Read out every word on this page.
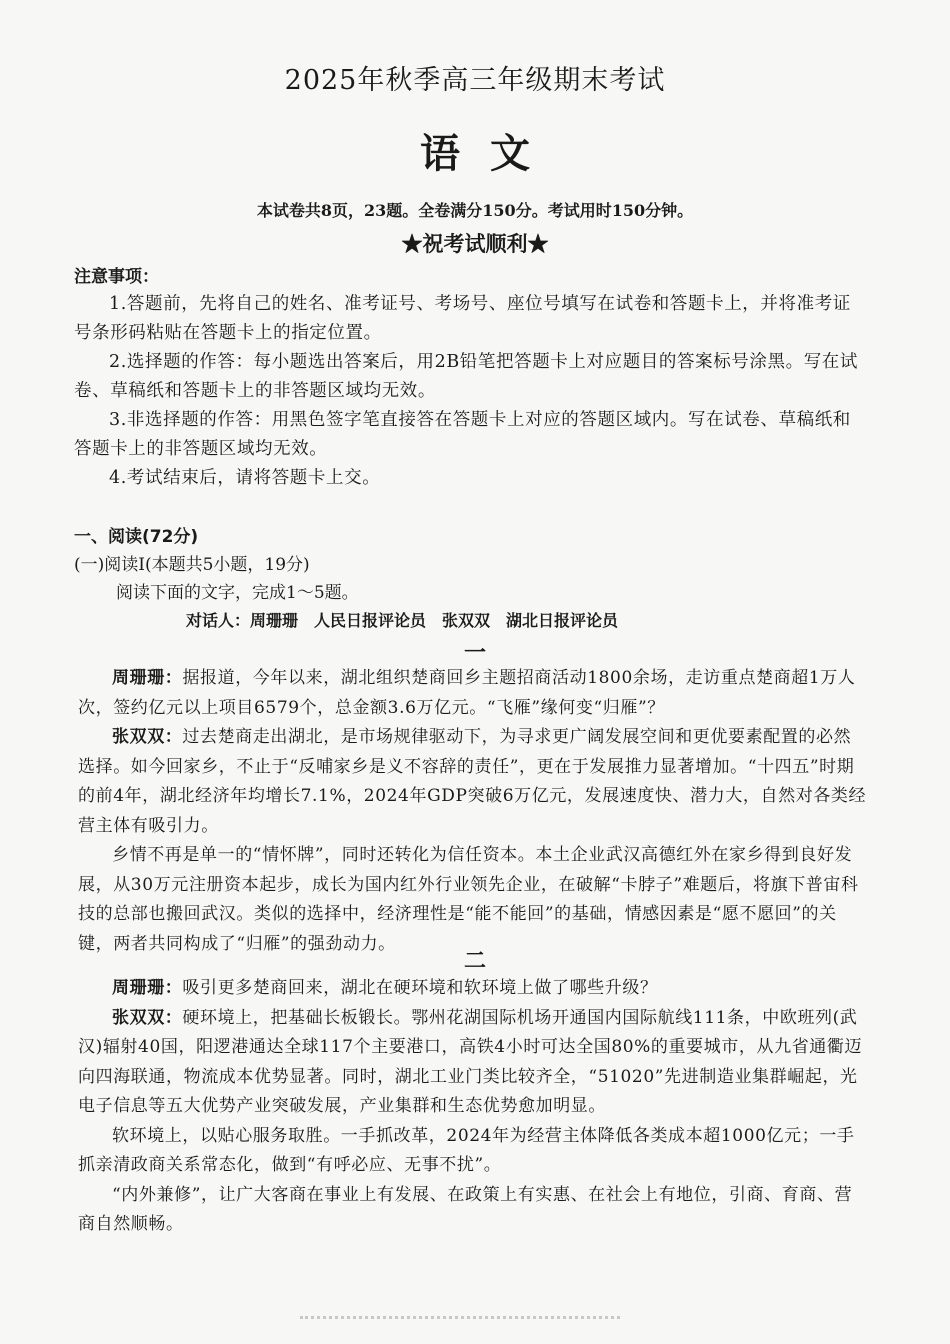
2025年秋季高三年级期末考试
语文
本试卷共8页，23题。全卷满分150分。考试用时150分钟。
★祝考试顺利★
注意事项：
1.答题前，先将自己的姓名、准考证号、考场号、座位号填写在试卷和答题卡上，并将准考证号条形码粘贴在答题卡上的指定位置。
2.选择题的作答：每小题选出答案后，用2B铅笔把答题卡上对应题目的答案标号涂黑。写在试卷、草稿纸和答题卡上的非答题区域均无效。
3.非选择题的作答：用黑色签字笔直接答在答题卡上对应的答题区域内。写在试卷、草稿纸和答题卡上的非答题区域均无效。
4.考试结束后，请将答题卡上交。
一、阅读(72分)
(一)阅读Ⅰ(本题共5小题，19分)
阅读下面的文字，完成1～5题。
对话人：周珊珊　人民日报评论员　张双双　湖北日报评论员
一

周珊珊：据报道，今年以来，湖北组织楚商回乡主题招商活动1800余场，走访重点楚商超1万人次，签约亿元以上项目6579个，总金额3.6万亿元。“飞雁”缘何变“归雁”？

张双双：过去楚商走出湖北，是市场规律驱动下，为寻求更广阔发展空间和更优要素配置的必然选择。如今回家乡，不止于“反哺家乡是义不容辞的责任”，更在于发展推力显著增加。“十四五”时期的前4年，湖北经济年均增长7.1%，2024年GDP突破6万亿元，发展速度快、潜力大，自然对各类经营主体有吸引力。

乡情不再是单一的“情怀牌”，同时还转化为信任资本。本土企业武汉高德红外在家乡得到良好发展，从30万元注册资本起步，成长为国内红外行业领先企业，在破解“卡脖子”难题后，将旗下普宙科技的总部也搬回武汉。类似的选择中，经济理性是“能不能回”的基础，情感因素是“愿不愿回”的关键，两者共同构成了“归雁”的强劲动力。

二

周珊珊：吸引更多楚商回来，湖北在硬环境和软环境上做了哪些升级？

张双双：硬环境上，把基础长板锻长。鄂州花湖国际机场开通国内国际航线111条，中欧班列(武汉)辐射40国，阳逻港通达全球117个主要港口，高铁4小时可达全国80%的重要城市，从九省通衢迈向四海联通，物流成本优势显著。同时，湖北工业门类比较齐全，“51020”先进制造业集群崛起，光电子信息等五大优势产业突破发展，产业集群和生态优势愈加明显。

软环境上，以贴心服务取胜。一手抓改革，2024年为经营主体降低各类成本超1000亿元；一手抓亲清政商关系常态化，做到“有呼必应、无事不扰”。

“内外兼修”，让广大客商在事业上有发展、在政策上有实惠、在社会上有地位，引商、育商、营商自然顺畅。
